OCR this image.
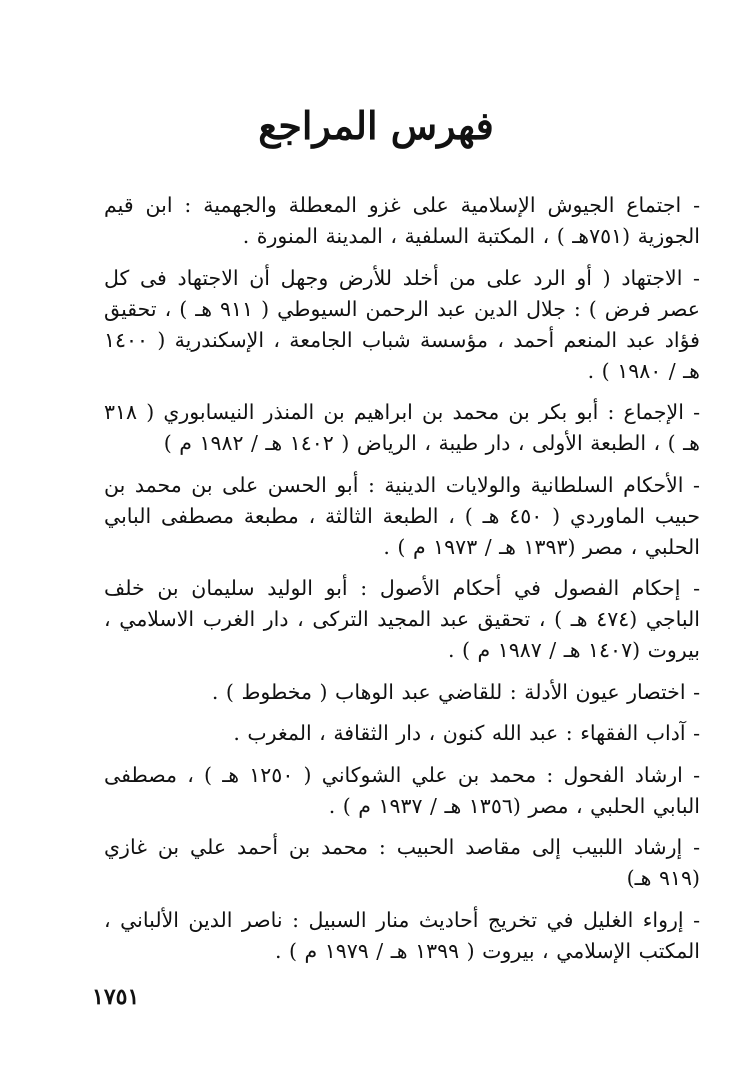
فهرس المراجع
- اجتماع الجيوش الإسلامية على غزو المعطلة والجهمية : ابن قيم الجوزية (٧٥١هـ ) ، المكتبة السلفية ، المدينة المنورة .
- الاجتهاد ( أو الرد على من أخلد للأرض وجهل أن الاجتهاد فى كل عصر فرض ) : جلال الدين عبد الرحمن السيوطي ( ٩١١ هـ ) ، تحقيق فؤاد عبد المنعم أحمد ، مؤسسة شباب الجامعة ، الإسكندرية ( ١٤٠٠ هـ / ١٩٨٠ ) .
- الإجماع : أبو بكر بن محمد بن ابراهيم بن المنذر النيسابوري ( ٣١٨ هـ ) ، الطبعة الأولى ، دار طيبة ، الرياض ( ١٤٠٢ هـ / ١٩٨٢ م )
- الأحكام السلطانية والولايات الدينية : أبو الحسن على بن محمد بن حبيب الماوردي ( ٤٥٠ هـ ) ، الطبعة الثالثة ، مطبعة مصطفى البابي الحلبي ، مصر (١٣٩٣ هـ / ١٩٧٣ م ) .
- إحكام الفصول في أحكام الأصول : أبو الوليد سليمان بن خلف الباجي (٤٧٤ هـ ) ، تحقيق عبد المجيد التركى ، دار الغرب الاسلامي ، بيروت (١٤٠٧ هـ / ١٩٨٧ م ) .
- اختصار عيون الأدلة : للقاضي عبد الوهاب ( مخطوط ) .
- آداب الفقهاء : عبد الله كنون ، دار الثقافة ، المغرب .
- ارشاد الفحول : محمد بن علي الشوكاني ( ١٢٥٠ هـ ) ، مصطفى البابي الحلبي ، مصر (١٣٥٦ هـ / ١٩٣٧ م ) .
- إرشاد اللبيب إلى مقاصد الحبيب : محمد بن أحمد علي بن غازي (٩١٩ هـ)
- إرواء الغليل في تخريج أحاديث منار السبيل : ناصر الدين الألباني ، المكتب الإسلامي ، بيروت ( ١٣٩٩ هـ / ١٩٧٩ م ) .
١٧٥١
